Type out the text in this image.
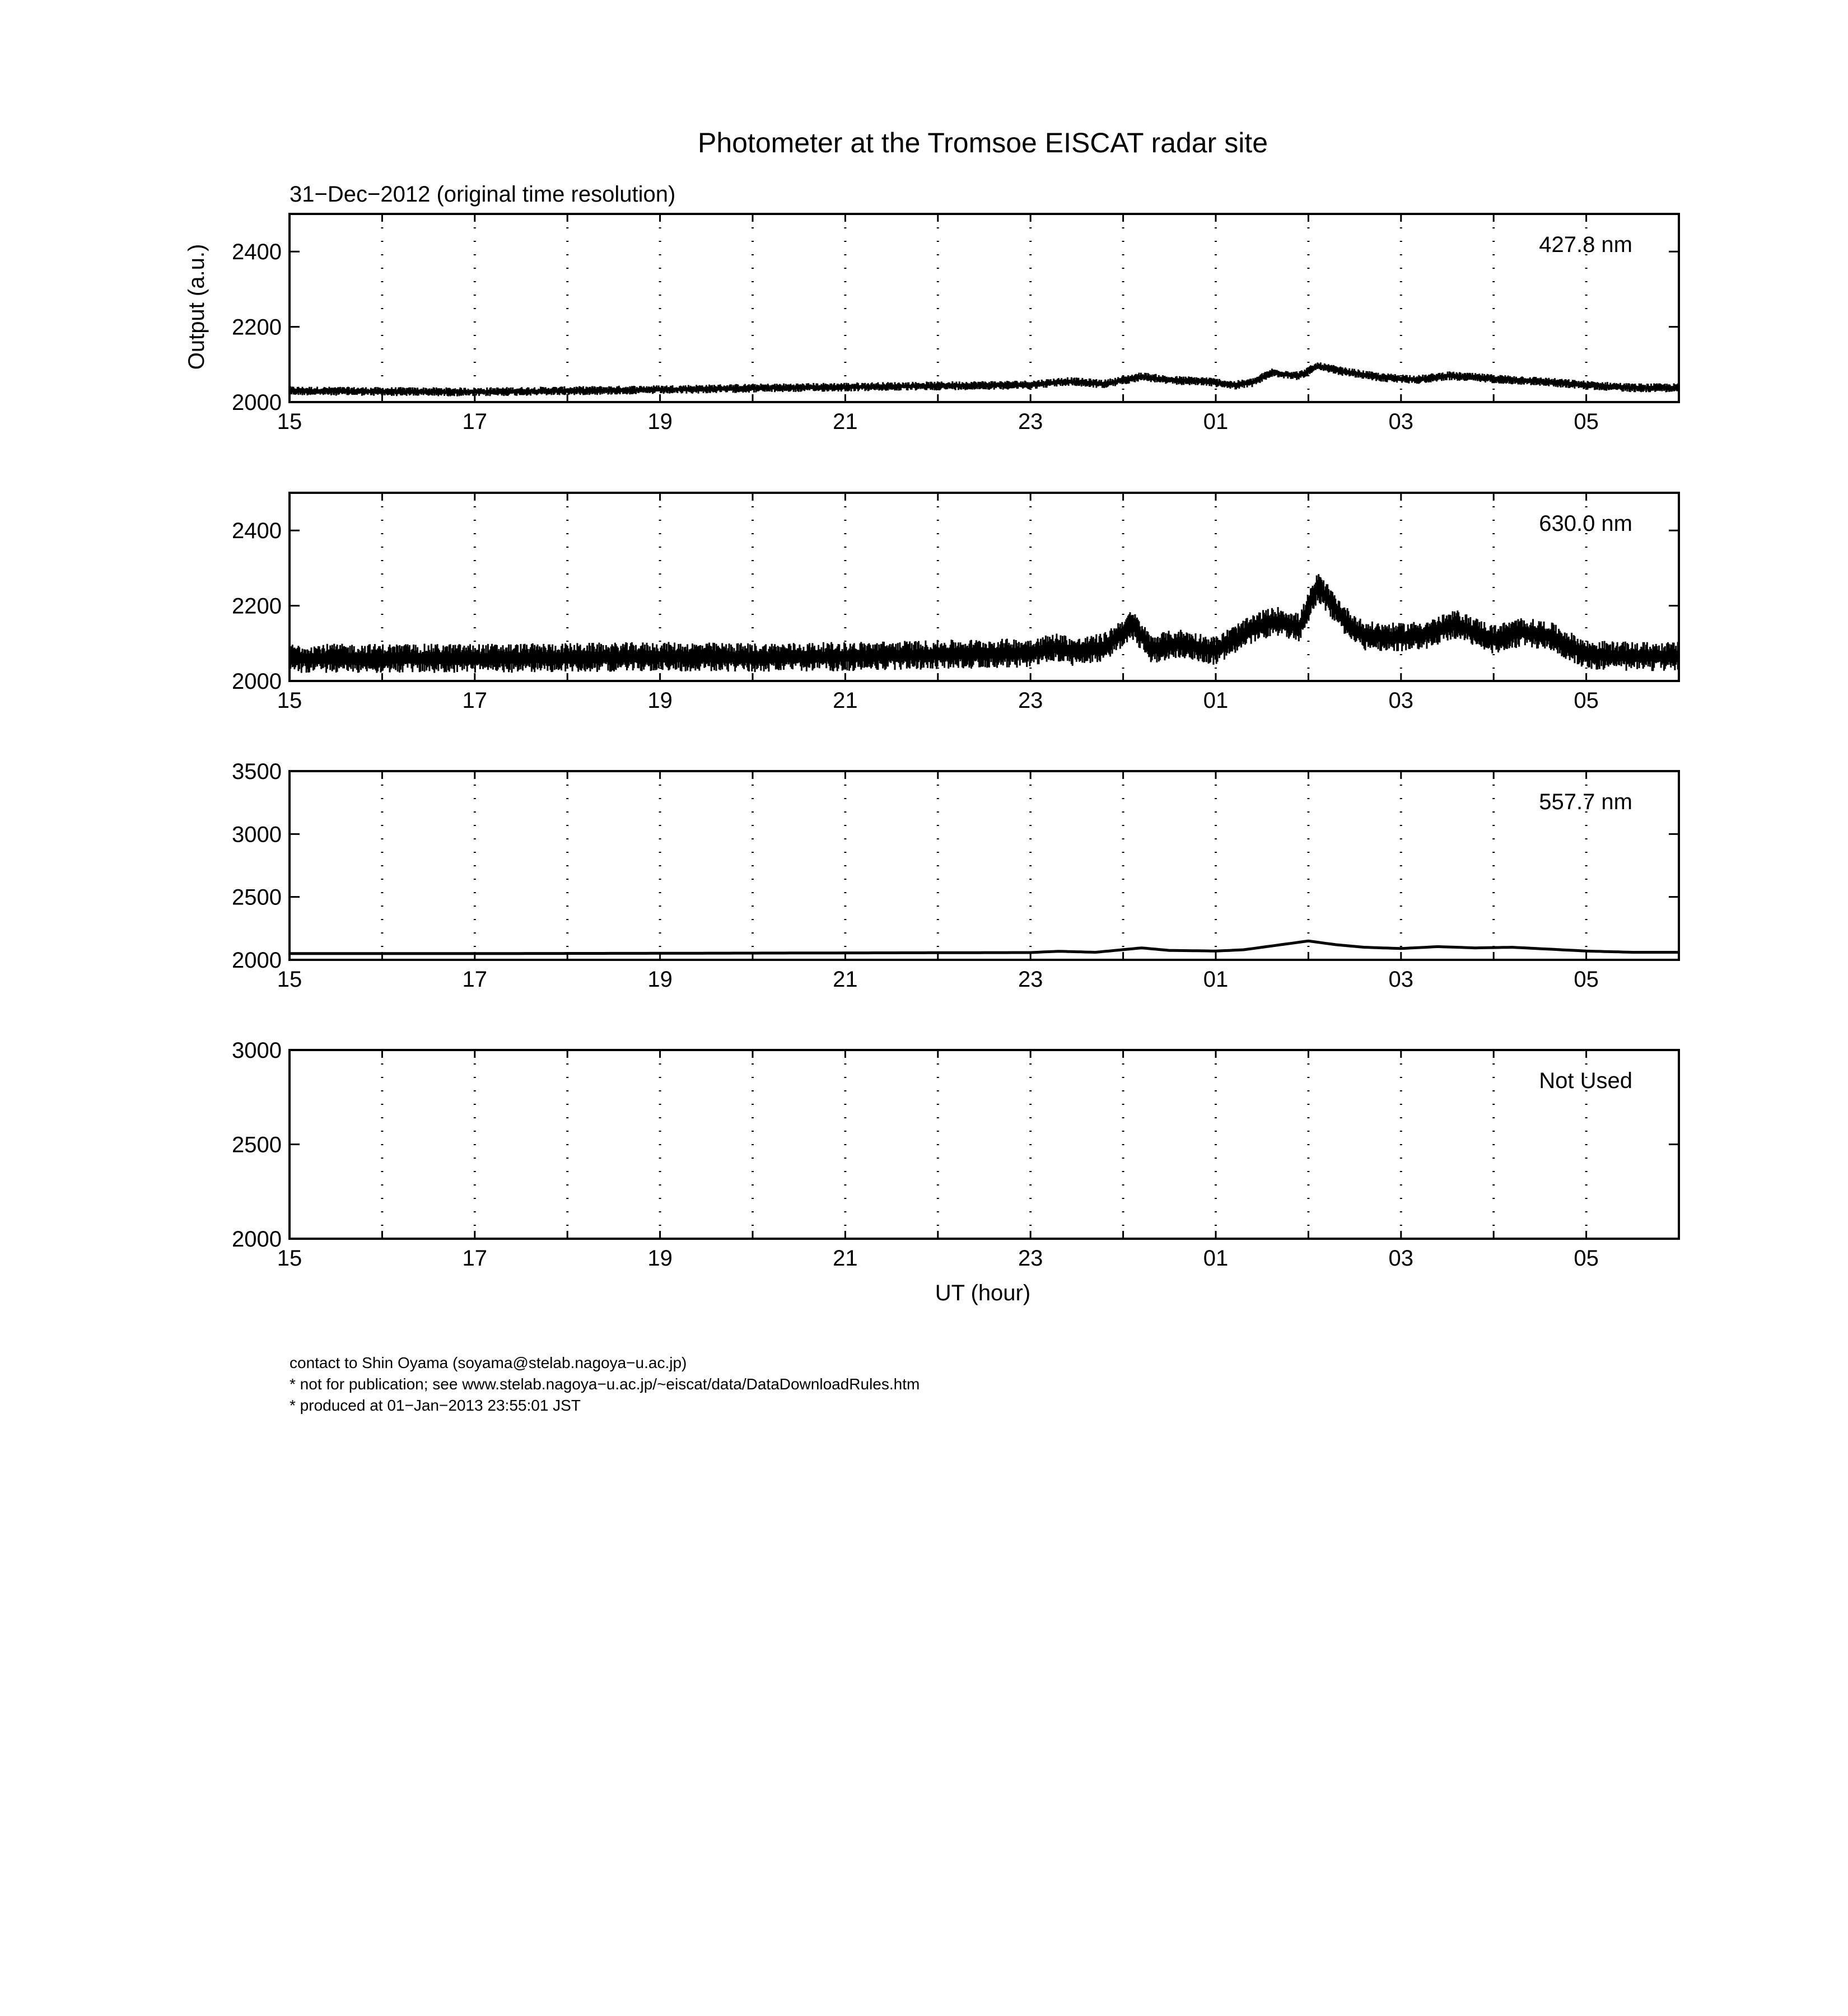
Photometer at the Tromsoe EISCAT radar site
31−Dec−2012 (original time resolution)
Output (a.u.)
UT (hour)
15	17	19	21	23	01	03	05
2000
2200
2400	427.8 nm
15	17	19	21	23	01	03	05
2000
2200
2400	630.0 nm
15	17	19	21	23	01	03	05
2000
2500
3000
3500
557.7 nm
15	17	19	21	23	01	03	05
2000
2500
3000
Not Used
contact to Shin Oyama (soyama@stelab.nagoya−u.ac.jp)
* not for publication; see www.stelab.nagoya−u.ac.jp/~eiscat/data/DataDownloadRules.htm
* produced at 01−Jan−2013 23:55:01 JST
